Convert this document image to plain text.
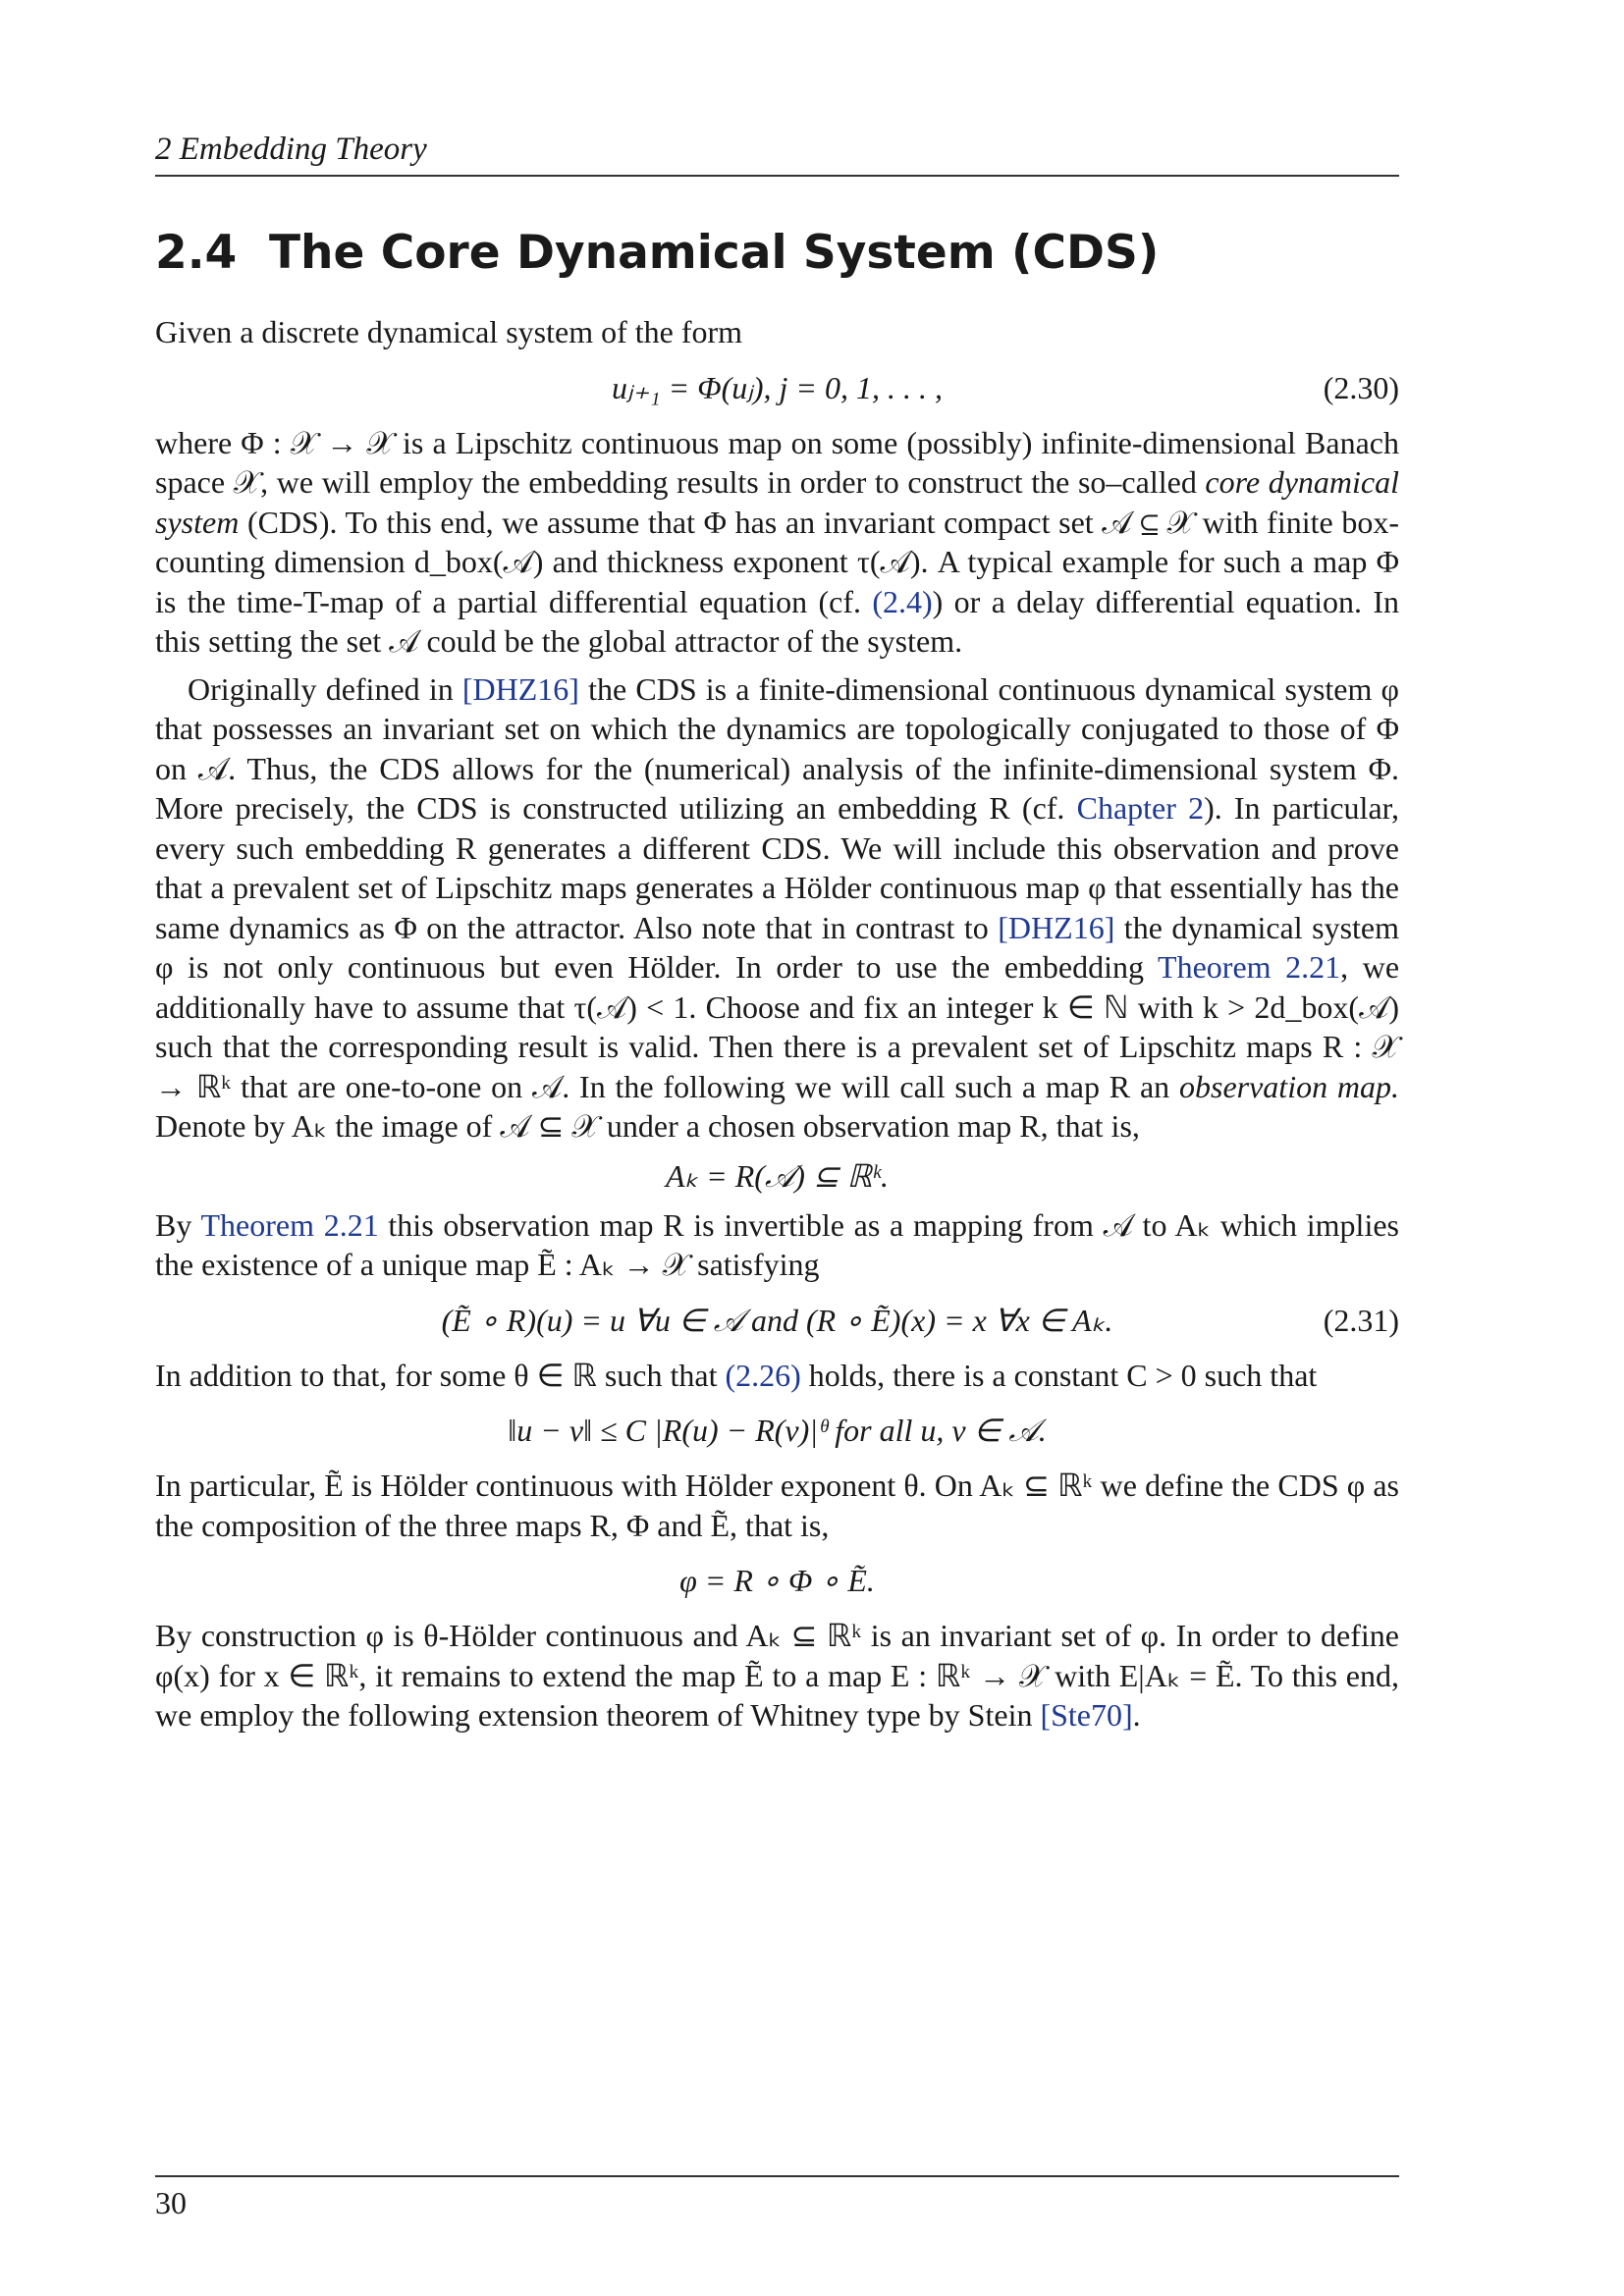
2 Embedding Theory
2.4 The Core Dynamical System (CDS)

Given a discrete dynamical system of the form

uⱼ₊₁ = Φ(uⱼ), j = 0, 1, . . . ,	(2.30)

where Φ : 𝒳 → 𝒳 is a Lipschitz continuous map on some (possibly) infinite-dimensional Banach space 𝒳, we will employ the embedding results in order to construct the so–called core dynamical system (CDS). To this end, we assume that Φ has an invariant compact set 𝒜 ⊆ 𝒳 with finite box-counting dimension d_box(𝒜) and thickness exponent τ(𝒜). A typical example for such a map Φ is the time-T-map of a partial differential equation (cf. (2.4)) or a delay differential equation. In this setting the set 𝒜 could be the global attractor of the system.

Originally defined in [DHZ16] the CDS is a finite-dimensional continuous dynamical system φ that possesses an invariant set on which the dynamics are topologically conjugated to those of Φ on 𝒜. Thus, the CDS allows for the (numerical) analysis of the infinite-dimensional system Φ. More precisely, the CDS is constructed utilizing an embedding R (cf. Chapter 2). In particular, every such embedding R generates a different CDS. We will include this observation and prove that a prevalent set of Lipschitz maps generates a Hölder continuous map φ that essentially has the same dynamics as Φ on the attractor. Also note that in contrast to [DHZ16] the dynamical system φ is not only continuous but even Hölder. In order to use the embedding Theorem 2.21, we additionally have to assume that τ(𝒜) < 1. Choose and fix an integer k ∈ ℕ with k > 2d_box(𝒜) such that the corresponding result is valid. Then there is a prevalent set of Lipschitz maps R : 𝒳 → ℝᵏ that are one-to-one on 𝒜. In the following we will call such a map R an observation map. Denote by Aₖ the image of 𝒜 ⊆ 𝒳 under a chosen observation map R, that is,

Aₖ = R(𝒜) ⊆ ℝᵏ.

By Theorem 2.21 this observation map R is invertible as a mapping from 𝒜 to Aₖ which implies the existence of a unique map Ẽ : Aₖ → 𝒳 satisfying

(Ẽ ∘ R)(u) = u ∀u ∈ 𝒜 and (R ∘ Ẽ)(x) = x ∀x ∈ Aₖ.	(2.31)

In addition to that, for some θ ∈ ℝ such that (2.26) holds, there is a constant C > 0 such that

‖u − v‖ ≤ C |R(u) − R(v)|ᶿ for all u, v ∈ 𝒜.

In particular, Ẽ is Hölder continuous with Hölder exponent θ. On Aₖ ⊆ ℝᵏ we define the CDS φ as the composition of the three maps R, Φ and Ẽ, that is,

φ = R ∘ Φ ∘ Ẽ.

By construction φ is θ-Hölder continuous and Aₖ ⊆ ℝᵏ is an invariant set of φ. In order to define φ(x) for x ∈ ℝᵏ, it remains to extend the map Ẽ to a map E : ℝᵏ → 𝒳 with E|Aₖ = Ẽ. To this end, we employ the following extension theorem of Whitney type by Stein [Ste70].

30
